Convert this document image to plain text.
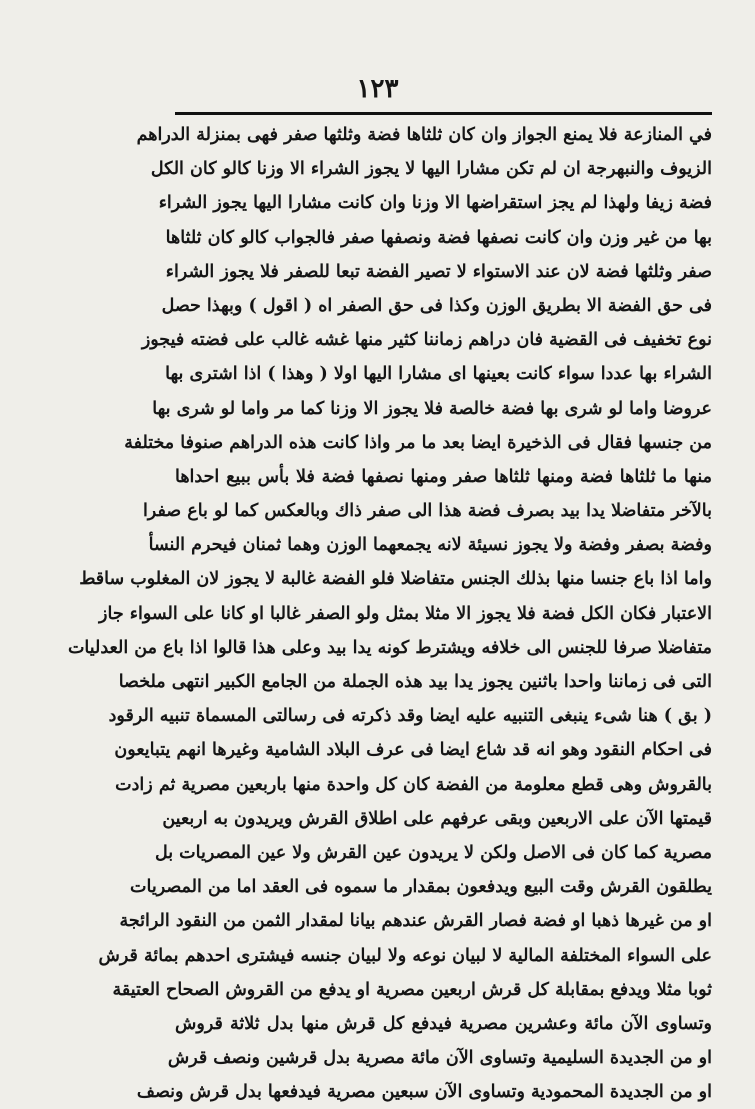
١٢٣
في المنازعة فلا يمنع الجواز وان كان ثلثاها فضة وثلثها صفر فهى بمنزلة الدراهم
الزيوف والنبهرجة ان لم تكن مشارا اليها لا يجوز الشراء الا وزنا كالو كان الكل
فضة زيفا ولهذا لم يجز استقراضها الا وزنا وان كانت مشارا اليها يجوز الشراء
بها من غير وزن وان كانت نصفها فضة ونصفها صفر فالجواب كالو كان ثلثاها
صفر وثلثها فضة لان عند الاستواء لا تصير الفضة تبعا للصفر فلا يجوز الشراء
فى حق الفضة الا بطريق الوزن وكذا فى حق الصفر اه ( اقول ) وبهذا حصل
نوع تخفيف فى القضية فان دراهم زماننا كثير منها غشه غالب على فضته فيجوز
الشراء بها عددا سواء كانت بعينها اى مشارا اليها اولا ( وهذا ) اذا اشترى بها
عروضا واما لو شرى بها فضة خالصة فلا يجوز الا وزنا كما مر واما لو شرى بها
من جنسها فقال فى الذخيرة ايضا بعد ما مر واذا كانت هذه الدراهم صنوفا مختلفة
منها ما ثلثاها فضة ومنها ثلثاها صفر ومنها نصفها فضة فلا بأس ببيع احداها
بالآخر متفاضلا يدا بيد بصرف فضة هذا الى صفر ذاك وبالعكس كما لو باع صفرا
وفضة بصفر وفضة ولا يجوز نسيئة لانه يجمعهما الوزن وهما ثمنان فيحرم النسأ
واما اذا باع جنسا منها بذلك الجنس متفاضلا فلو الفضة غالبة لا يجوز لان المغلوب ساقط
الاعتبار فكان الكل فضة فلا يجوز الا مثلا بمثل ولو الصفر غالبا او كانا على السواء جاز
متفاضلا صرفا للجنس الى خلافه ويشترط كونه يدا بيد وعلى هذا قالوا اذا باع من العدليات
التى فى زماننا واحدا باثنين يجوز يدا بيد هذه الجملة من الجامع الكبير انتهى ملخصا
( بق ) هنا شىء ينبغى التنبيه عليه ايضا وقد ذكرته فى رسالتى المسماة تنبيه الرقود
فى احكام النقود وهو انه قد شاع ايضا فى عرف البلاد الشامية وغيرها انهم يتبايعون
بالقروش وهى قطع معلومة من الفضة كان كل واحدة منها باربعين مصرية ثم زادت
قيمتها الآن على الاربعين وبقى عرفهم على اطلاق القرش ويريدون به اربعين
مصرية كما كان فى الاصل ولكن لا يريدون عين القرش ولا عين المصريات بل
يطلقون القرش وقت البيع ويدفعون بمقدار ما سموه فى العقد اما من المصريات
او من غيرها ذهبا او فضة فصار القرش عندهم بيانا لمقدار الثمن من النقود الرائجة
على السواء المختلفة المالية لا لبيان نوعه ولا لبيان جنسه فيشترى احدهم بمائة قرش
ثوبا مثلا ويدفع بمقابلة كل قرش اربعين مصرية او يدفع من القروش الصحاح العتيقة
وتساوى الآن مائة وعشرين مصرية فيدفع كل قرش منها بدل ثلاثة قروش
او من الجديدة السليمية وتساوى الآن مائة مصرية بدل قرشين ونصف قرش
او من الجديدة المحمودية وتساوى الآن سبعين مصرية فيدفعها بدل قرش ونصف
